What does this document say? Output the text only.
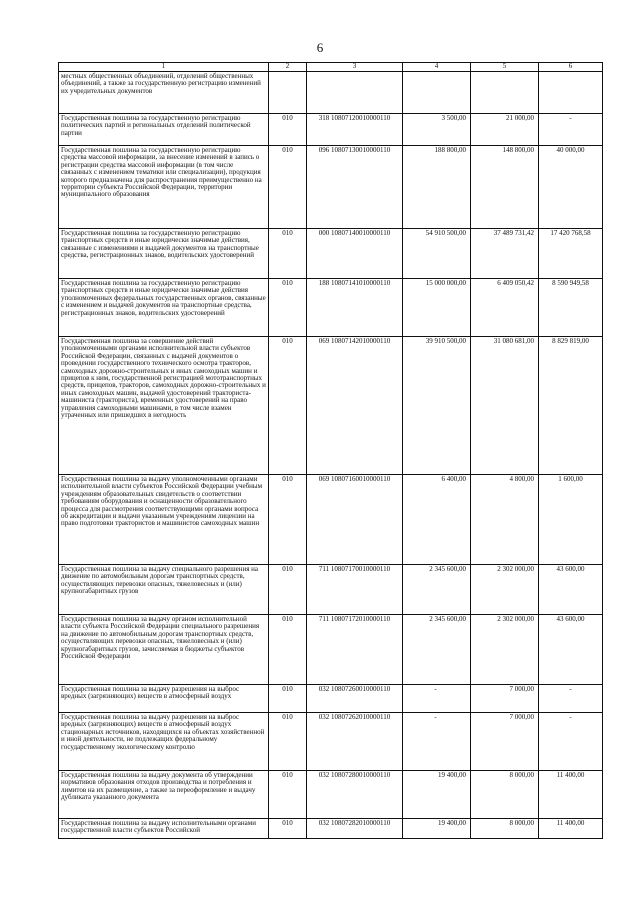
6
1	2	3	4	5	6
местных общественных объединений, отделений общественных объединений, а также за государственную регистрацию изменений их учредительных документов					
Государственная пошлина за государственную регистрацию политических партий и региональных отделений политической партии	010	318 10807120010000110	3 500,00	21 000,00	-
Государственная пошлина за государственную регистрацию средства массовой информации, за внесение изменений в запись о регистрации средства массовой информации (в том числе связанных с изменением тематики или специализации), продукция которого предназначена для распространения преимущественно на территории субъекта Российской Федерации, территории муниципального образования	010	096 10807130010000110	188 800,00	148 800,00	40 000,00
Государственная пошлина за государственную регистрацию транспортных средств и иные юридически значимые действия, связанные с изменениями и выдачей документов на транспортные средства, регистрационных знаков, водительских удостоверений	010	000 10807140010000110	54 910 500,00	37 489 731,42	17 420 768,58
Государственная пошлина за государственную регистрацию транспортных средств и иные юридически значимые действия уполномоченных федеральных государственных органов, связанные с изменением и выдачей документов на транспортные средства, регистрационных знаков, водительских удостоверений	010	188 10807141010000110	15 000 000,00	6 409 050,42	8 590 949,58
Государственная пошлина за совершение действий уполномоченными органами исполнительной власти субъектов Российской Федерации, связанных с выдачей документов о проведении государственного технического осмотра тракторов, самоходных дорожно-строительных и иных самоходных машин и прицепов к ним, государственной регистрацией мототранспортных средств, прицепов, тракторов, самоходных дорожно-строительных и иных самоходных машин, выдачей удостоверений тракториста-машиниста (тракториста), временных удостоверений на право управления самоходными машинами, в том числе взамен утраченных или пришедших в негодность	010	069 10807142010000110	39 910 500,00	31 080 681,00	8 829 819,00
Государственная пошлина за выдачу уполномоченными органами исполнительной власти субъектов Российской Федерации учебным учреждениям образовательных свидетельств о соответствии требованиям оборудования и оснащенности образовательного процесса для рассмотрения соответствующими органами вопроса об аккредитации и выдачи указанным учреждениям лицензии на право подготовки трактористов и машинистов самоходных машин	010	069 10807160010000110	6 400,00	4 800,00	1 600,00
Государственная пошлина за выдачу специального разрешения на движение по автомобильным дорогам транспортных средств, осуществляющих перевозки опасных, тяжеловесных и (или) крупногабаритных грузов	010	711 10807170010000110	2 345 600,00	2 302 000,00	43 600,00
Государственная пошлина за выдачу органом исполнительной власти субъекта Российской Федерации специального разрешения на движение по автомобильным дорогам транспортных средств, осуществляющих перевозки опасных, тяжеловесных и (или) крупногабаритных грузов, зачисляемая в бюджеты субъектов Российской Федерации	010	711 10807172010000110	2 345 600,00	2 302 000,00	43 600,00
Государственная пошлина за выдачу разрешения на выброс вредных (загрязняющих) веществ в атмосферный воздух	010	032 10807260010000110	-	7 000,00	-
Государственная пошлина за выдачу разрешения на выброс вредных (загрязняющих) веществ в атмосферный воздух стационарных источников, находящихся на объектах хозяйственной и иной деятельности, не подлежащих федеральному государственному экологическому контролю	010	032 10807262010000110	-	7 000,00	-
Государственная пошлина за выдачу документа об утверждении нормативов образования отходов производства и потребления и лимитов на их размещение, а также за переоформление и выдачу дубликата указанного документа	010	032 10807280010000110	19 400,00	8 000,00	11 400,00
Государственная пошлина за выдачу исполнительными органами государственной власти субъектов Российской	010	032 10807282010000110	19 400,00	8 000,00	11 400,00
